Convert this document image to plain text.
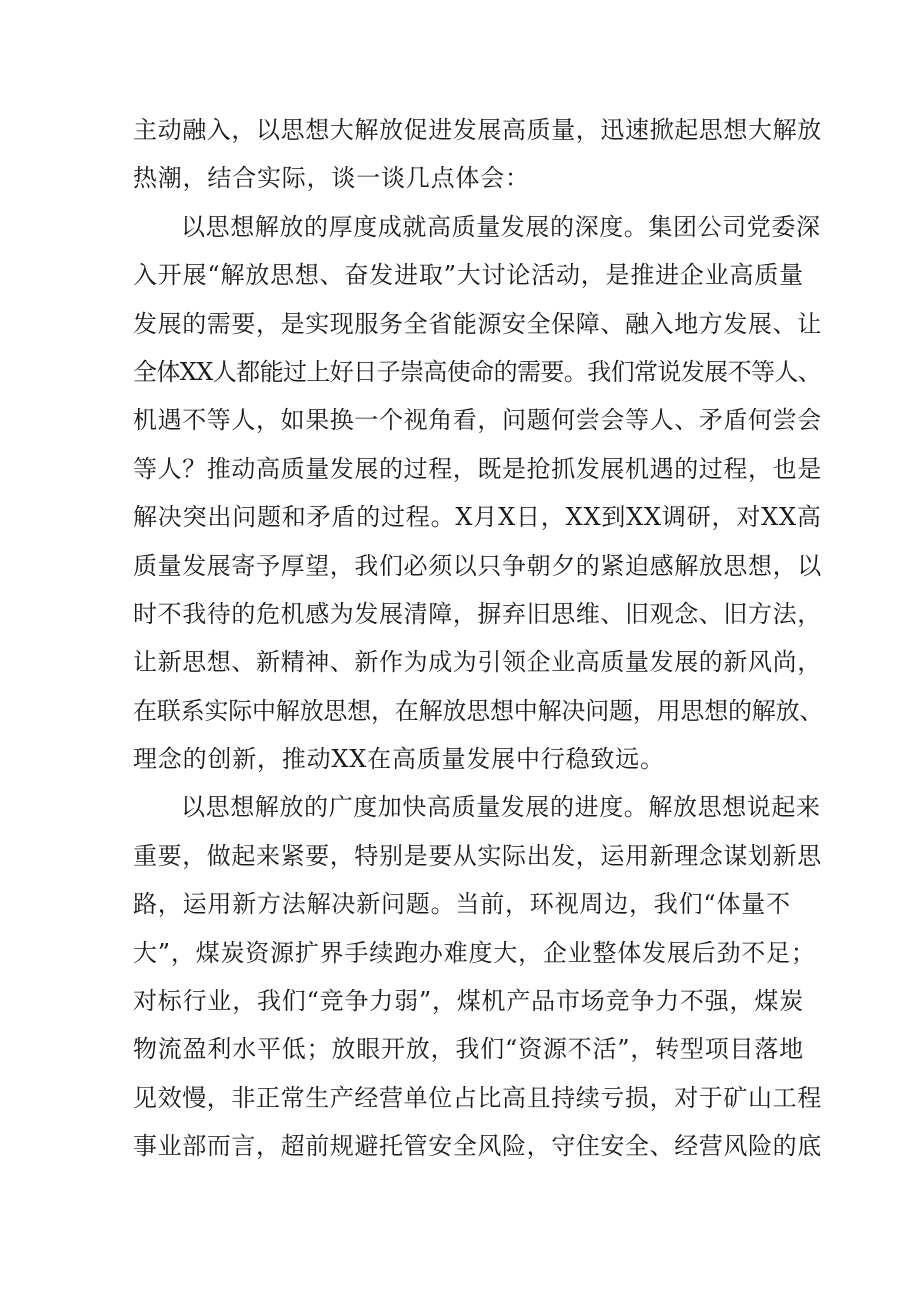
主动融入，以思想大解放促进发展高质量，迅速掀起思想大解放
热潮，结合实际，谈一谈几点体会：
以思想解放的厚度成就高质量发展的深度。集团公司党委深
入开展“解放思想、奋发进取”大讨论活动，是推进企业高质量
发展的需要，是实现服务全省能源安全保障、融入地方发展、让
全体XX人都能过上好日子崇高使命的需要。我们常说发展不等人、
机遇不等人，如果换一个视角看，问题何尝会等人、矛盾何尝会
等人？推动高质量发展的过程，既是抢抓发展机遇的过程，也是
解决突出问题和矛盾的过程。X月X日，XX到XX调研，对XX高
质量发展寄予厚望，我们必须以只争朝夕的紧迫感解放思想，以
时不我待的危机感为发展清障，摒弃旧思维、旧观念、旧方法，
让新思想、新精神、新作为成为引领企业高质量发展的新风尚，
在联系实际中解放思想，在解放思想中解决问题，用思想的解放、
理念的创新，推动XX在高质量发展中行稳致远。
以思想解放的广度加快高质量发展的进度。解放思想说起来
重要，做起来紧要，特别是要从实际出发，运用新理念谋划新思
路，运用新方法解决新问题。当前，环视周边，我们“体量不
大”，煤炭资源扩界手续跑办难度大，企业整体发展后劲不足；
对标行业，我们“竞争力弱”，煤机产品市场竞争力不强，煤炭
物流盈利水平低；放眼开放，我们“资源不活”，转型项目落地
见效慢，非正常生产经营单位占比高且持续亏损，对于矿山工程
事业部而言，超前规避托管安全风险，守住安全、经营风险的底
